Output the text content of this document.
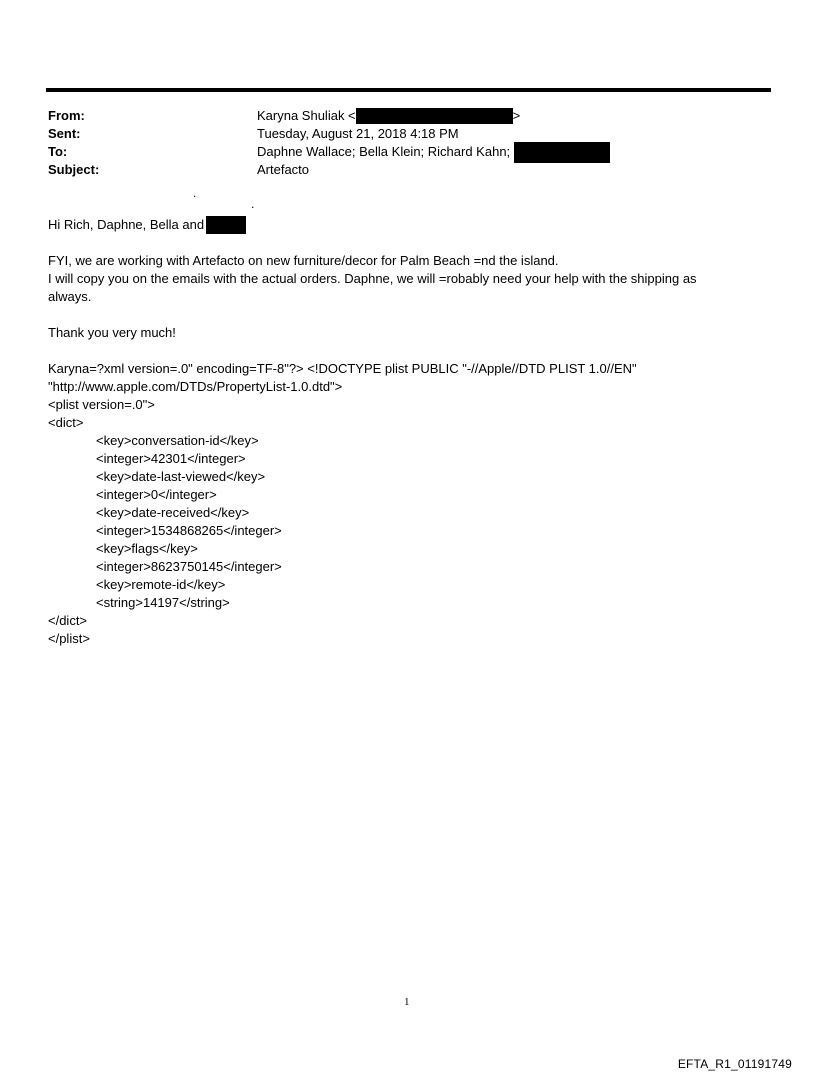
From:	Karyna Shuliak <	>
Sent:	Tuesday, August 21, 2018 4:18 PM
To:	Daphne Wallace; Bella Klein; Richard Kahn;
Subject:	Artefacto
.
.
Hi Rich, Daphne, Bella and
FYI, we are working with Artefacto on new furniture/decor for Palm Beach =nd the island.
I will copy you on the emails with the actual orders. Daphne, we will =robably need your help with the shipping as
always.
Thank you very much!
Karyna=?xml version=.0" encoding=TF-8"?> <!DOCTYPE plist PUBLIC "-//Apple//DTD PLIST 1.0//EN"
"http://www.apple.com/DTDs/PropertyList-1.0.dtd">
<plist version=.0">
<dict>
<key>conversation-id</key>
<integer>42301</integer>
<key>date-last-viewed</key>
<integer>0</integer>
<key>date-received</key>
<integer>1534868265</integer>
<key>flags</key>
<integer>8623750145</integer>
<key>remote-id</key>
<string>14197</string>
</dict>
</plist>
1
EFTA_R1_01191749
